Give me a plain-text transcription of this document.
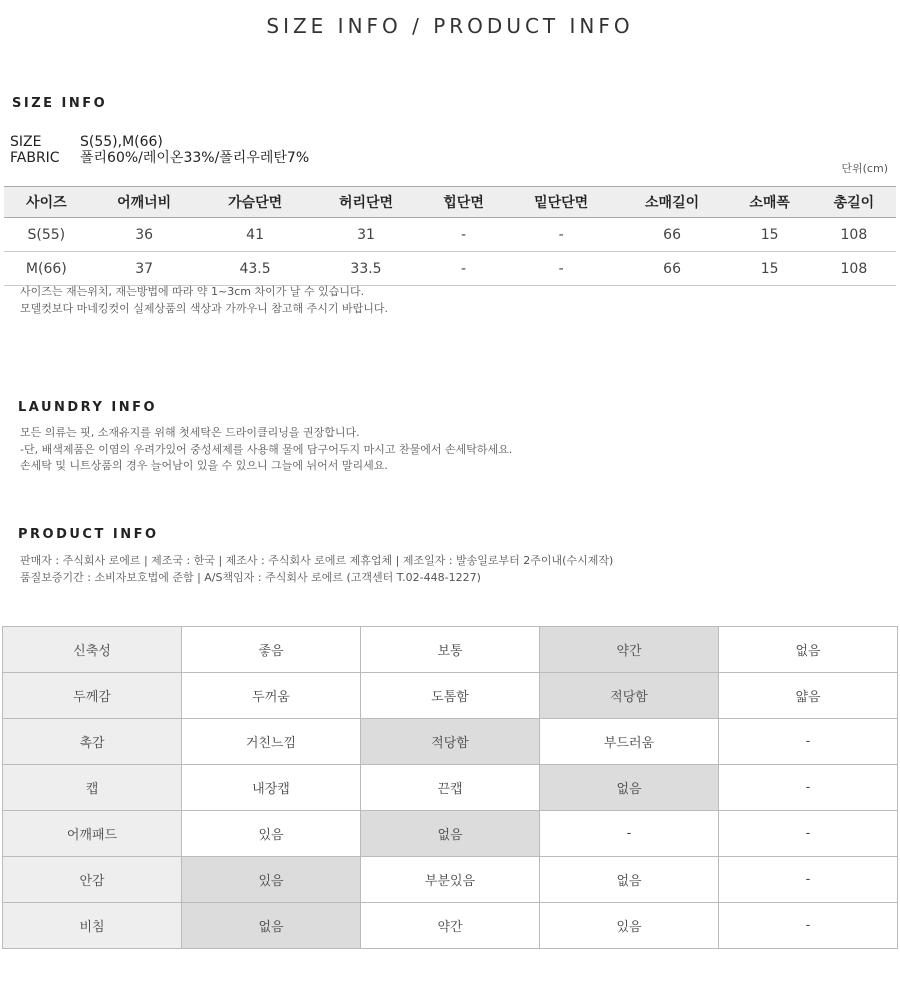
SIZE INFO / PRODUCT INFO
SIZE INFO
SIZE	S(55),M(66)
FABRIC	폴리60%/레이온33%/폴리우레탄7%
단위(cm)
사이즈	어깨너비	가슴단면	허리단면	힙단면	밑단단면	소매길이	소매폭	총길이
S(55)	36	41	31	-	-	66	15	108
M(66)	37	43.5	33.5	-	-	66	15	108

사이즈는 재는위치, 재는방법에 따라 약 1~3cm 차이가 날 수 있습니다.

모델컷보다 마네킹컷이 실제상품의 색상과 가까우니 참고해 주시기 바랍니다.

LAUNDRY INFO

모든 의류는 핏, 소재유지를 위해 첫세탁은 드라이클리닝을 권장합니다.

-단, 배색제품은 이염의 우려가있어 중성세제를 사용해 물에 담구어두지 마시고 찬물에서 손세탁하세요.

손세탁 및 니트상품의 경우 늘어남이 있을 수 있으니 그늘에 뉘어서 말리세요.

PRODUCT INFO

판매자 : 주식회사 로에르 | 제조국 : 한국 | 제조사 : 주식회사 로에르 제휴업체 | 제조일자 : 발송일로부터 2주이내(수시제작)

품질보증기간 : 소비자보호법에 준함 | A/S책임자 : 주식회사 로에르 (고객센터 T.02-448-1227)

신축성	좋음	보통	약간	없음
두께감	두꺼움	도톰함	적당함	얇음
촉감	거친느낌	적당함	부드러움	-
캡	내장캡	끈캡	없음	-
어깨패드	있음	없음	-	-
안감	있음	부분있음	없음	-
비침	없음	약간	있음	-
